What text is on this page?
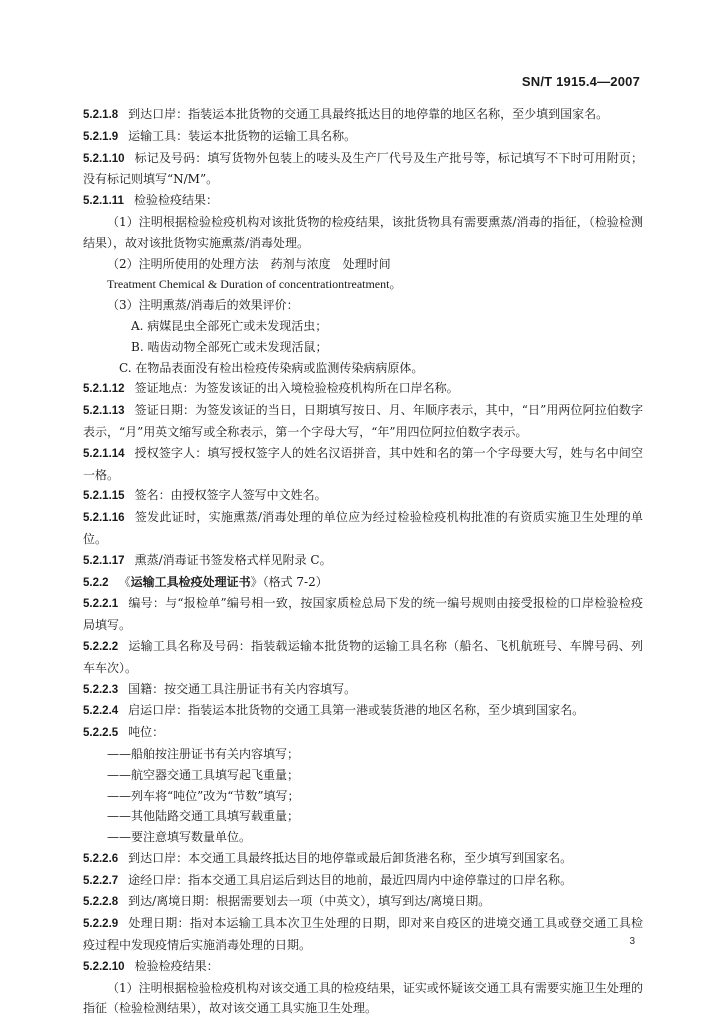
SN/T 1915.4—2007

5.2.1.8 到达口岸：指装运本批货物的交通工具最终抵达目的地停靠的地区名称，至少填到国家名。

5.2.1.9 运输工具：装运本批货物的运输工具名称。

5.2.1.10 标记及号码：填写货物外包装上的唛头及生产厂代号及生产批号等，标记填写不下时可用附页；没有标记则填写“N/M”。

5.2.1.11 检验检疫结果：

（1）注明根据检验检疫机构对该批货物的检疫结果，该批货物具有需要熏蒸/消毒的指征，（检验检测结果），故对该批货物实施熏蒸/消毒处理。

（2）注明所使用的处理方法　药剂与浓度　处理时间

Treatment Chemical & Duration of concentrationtreatment。

（3）注明熏蒸/消毒后的效果评价：

A. 病媒昆虫全部死亡或未发现活虫；

B. 啮齿动物全部死亡或未发现活鼠；

C. 在物品表面没有检出检疫传染病或监测传染病病原体。

5.2.1.12 签证地点：为签发该证的出入境检验检疫机构所在口岸名称。

5.2.1.13 签证日期：为签发该证的当日，日期填写按日、月、年顺序表示，其中，“日”用两位阿拉伯数字表示，“月”用英文缩写或全称表示，第一个字母大写，“年”用四位阿拉伯数字表示。

5.2.1.14 授权签字人：填写授权签字人的姓名汉语拼音，其中姓和名的第一个字母要大写，姓与名中间空一格。

5.2.1.15 签名：由授权签字人签写中文姓名。

5.2.1.16 签发此证时，实施熏蒸/消毒处理的单位应为经过检验检疫机构批准的有资质实施卫生处理的单位。

5.2.1.17 熏蒸/消毒证书签发格式样见附录 C。

5.2.2 《运输工具检疫处理证书》（格式 7-2）

5.2.2.1 编号：与“报检单”编号相一致，按国家质检总局下发的统一编号规则由接受报检的口岸检验检疫局填写。

5.2.2.2 运输工具名称及号码：指装载运输本批货物的运输工具名称（船名、飞机航班号、车牌号码、列车车次）。

5.2.2.3 国籍：按交通工具注册证书有关内容填写。

5.2.2.4 启运口岸：指装运本批货物的交通工具第一港或装货港的地区名称，至少填到国家名。

5.2.2.5 吨位：

——船舶按注册证书有关内容填写；

——航空器交通工具填写起飞重量；

——列车将“吨位”改为“节数”填写；

——其他陆路交通工具填写载重量；

——要注意填写数量单位。

5.2.2.6 到达口岸：本交通工具最终抵达目的地停靠或最后卸货港名称，至少填写到国家名。

5.2.2.7 途经口岸：指本交通工具启运后到达目的地前，最近四周内中途停靠过的口岸名称。

5.2.2.8 到达/离境日期：根据需要划去一项（中英文），填写到达/离境日期。

5.2.2.9 处理日期：指对本运输工具本次卫生处理的日期，即对来自疫区的进境交通工具或登交通工具检疫过程中发现疫情后实施消毒处理的日期。

5.2.2.10 检验检疫结果：

（1）注明根据检验检疫机构对该交通工具的检疫结果，证实或怀疑该交通工具有需要实施卫生处理的指征（检验检测结果），故对该交通工具实施卫生处理。

3
